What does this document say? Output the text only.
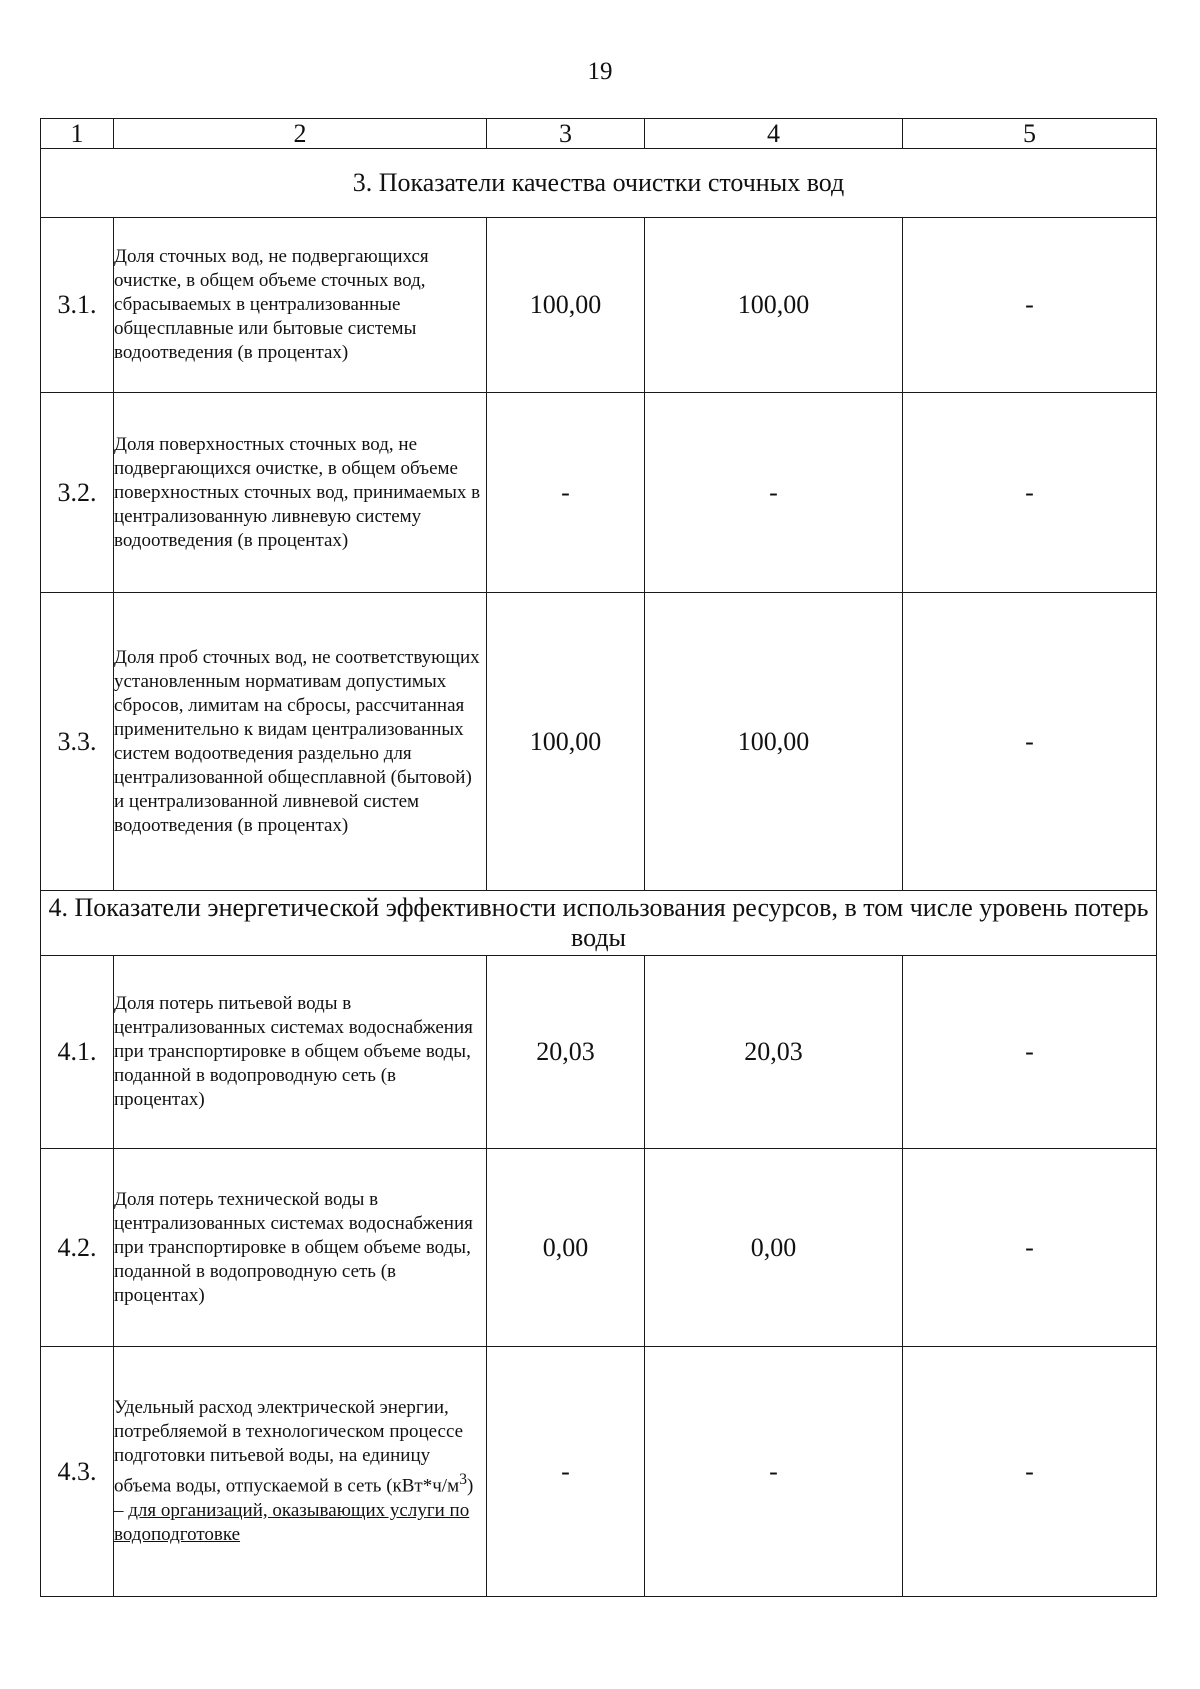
19
1	2	3	4	5
3. Показатели качества очистки сточных вод				
3.1.	Доля сточных вод, не подвергающихся очистке, в общем объеме сточных вод, сбрасываемых в централизованные общесплавные или бытовые системы водоотведения (в процентах)	100,00	100,00	-
3.2.	Доля поверхностных сточных вод, не подвергающихся очистке, в общем объеме поверхностных сточных вод, принимаемых в централизованную ливневую систему водоотведения (в процентах)	-	-	-
3.3.	Доля проб сточных вод, не соответствующих установленным нормативам допустимых сбросов, лимитам на сбросы, рассчитанная применительно к видам централизованных систем водоотведения раздельно для централизованной общесплавной (бытовой) и централизованной ливневой систем водоотведения (в процентах)	100,00	100,00	-
4. Показатели энергетической эффективности использования ресурсов, в том числе уровень потерь воды				
4.1.	Доля потерь питьевой воды в централизованных системах водоснабжения при транспортировке в общем объеме воды, поданной в водопроводную сеть (в процентах)	20,03	20,03	-
4.2.	Доля потерь технической воды в централизованных системах водоснабжения при транспортировке в общем объеме воды, поданной в водопроводную сеть (в процентах)	0,00	0,00	-
4.3.	Удельный расход электрической энергии, потребляемой в технологическом процессе подготовки питьевой воды, на единицу объема воды, отпускаемой в сеть $(кВт*ч/м^3)$ – для организаций, оказывающих услуги по водоподготовке	-	-	-
